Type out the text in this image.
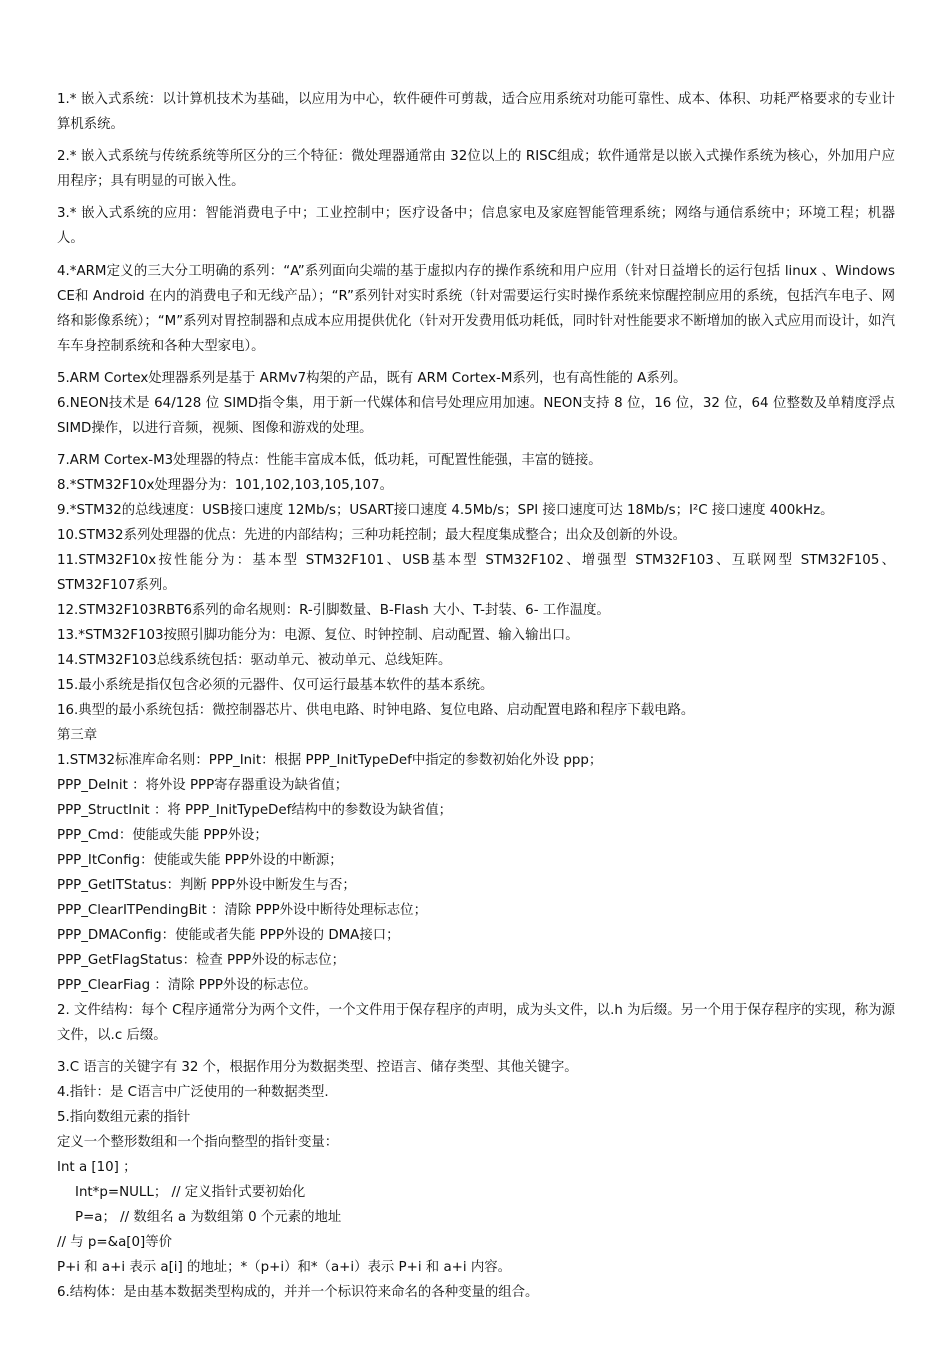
1.* 嵌入式系统：以计算机技术为基础，以应用为中心，软件硬件可剪裁，适合应用系统对功能可靠性、成本、体积、功耗严格要求的专业计算机系统。
2.* 嵌入式系统与传统系统等所区分的三个特征：微处理器通常由 32位以上的 RISC组成；软件通常是以嵌入式操作系统为核心，外加用户应用程序；具有明显的可嵌入性。
3.* 嵌入式系统的应用：智能消费电子中；工业控制中；医疗设备中；信息家电及家庭智能管理系统；网络与通信系统中；环境工程；机器人。
4.*ARM定义的三大分工明确的系列：“A”系列面向尖端的基于虚拟内存的操作系统和用户应用（针对日益增长的运行包括 linux 、Windows CE和 Android 在内的消费电子和无线产品）；“R”系列针对实时系统（针对需要运行实时操作系统来惊醒控制应用的系统，包括汽车电子、网络和影像系统）；“M”系列对胃控制器和点成本应用提供优化（针对开发费用低功耗低，同时针对性能要求不断增加的嵌入式应用而设计，如汽车车身控制系统和各种大型家电）。
5.ARM Cortex处理器系列是基于 ARMv7构架的产品，既有 ARM Cortex-M系列，也有高性能的 A系列。
6.NEON技术是 64/128 位 SIMD指令集，用于新一代媒体和信号处理应用加速。NEON支持 8 位，16 位，32 位，64 位整数及单精度浮点 SIMD操作，以进行音频，视频、图像和游戏的处理。
7.ARM Cortex-M3处理器的特点：性能丰富成本低，低功耗，可配置性能强，丰富的链接。
8.*STM32F10x处理器分为：101,102,103,105,107。
9.*STM32的总线速度：USB接口速度 12Mb/s；USART接口速度 4.5Mb/s；SPI 接口速度可达 18Mb/s；I²C 接口速度 400kHz。
10.STM32系列处理器的优点：先进的内部结构；三种功耗控制；最大程度集成整合；出众及创新的外设。
11.STM32F10x按性能分为：基本型 STM32F101、USB基本型 STM32F102、增强型 STM32F103、互联网型 STM32F105、STM32F107系列。
12.STM32F103RBT6系列的命名规则：R-引脚数量、B-Flash 大小、T-封装、6- 工作温度。
13.*STM32F103按照引脚功能分为：电源、复位、时钟控制、启动配置、输入输出口。
14.STM32F103总线系统包括：驱动单元、被动单元、总线矩阵。
15.最小系统是指仅包含必须的元器件、仅可运行最基本软件的基本系统。
16.典型的最小系统包括：微控制器芯片、供电电路、时钟电路、复位电路、启动配置电路和程序下载电路。
第三章
1.STM32标准库命名则：PPP_Init：根据 PPP_InitTypeDef中指定的参数初始化外设 ppp；
PPP_DeInit ：将外设 PPP寄存器重设为缺省值；
PPP_StructInit ：将 PPP_InitTypeDef结构中的参数设为缺省值；
PPP_Cmd：使能或失能 PPP外设；
PPP_ItConfig：使能或失能 PPP外设的中断源；
PPP_GetITStatus：判断 PPP外设中断发生与否；
PPP_ClearITPendingBit ：清除 PPP外设中断待处理标志位；
PPP_DMAConfig：使能或者失能 PPP外设的 DMA接口；
PPP_GetFlagStatus：检查 PPP外设的标志位；
PPP_ClearFiag ：清除 PPP外设的标志位。
2. 文件结构：每个 C程序通常分为两个文件，一个文件用于保存程序的声明，成为头文件，以.h 为后缀。另一个用于保存程序的实现，称为源文件，以.c 后缀。
3.C 语言的关键字有 32 个，根据作用分为数据类型、控语言、储存类型、其他关键字。
4.指针：是 C语言中广泛使用的一种数据类型.
5.指向数组元素的指针
定义一个整形数组和一个指向整型的指针变量：
Int a [10] ；
Int*p=NULL； // 定义指针式要初始化
P=a； // 数组名 a 为数组第 0 个元素的地址
// 与 p=&a[0]等价
P+i 和 a+i 表示 a[i] 的地址；*（p+i）和*（a+i）表示 P+i 和 a+i 内容。
6.结构体：是由基本数据类型构成的，并并一个标识符来命名的各种变量的组合。
